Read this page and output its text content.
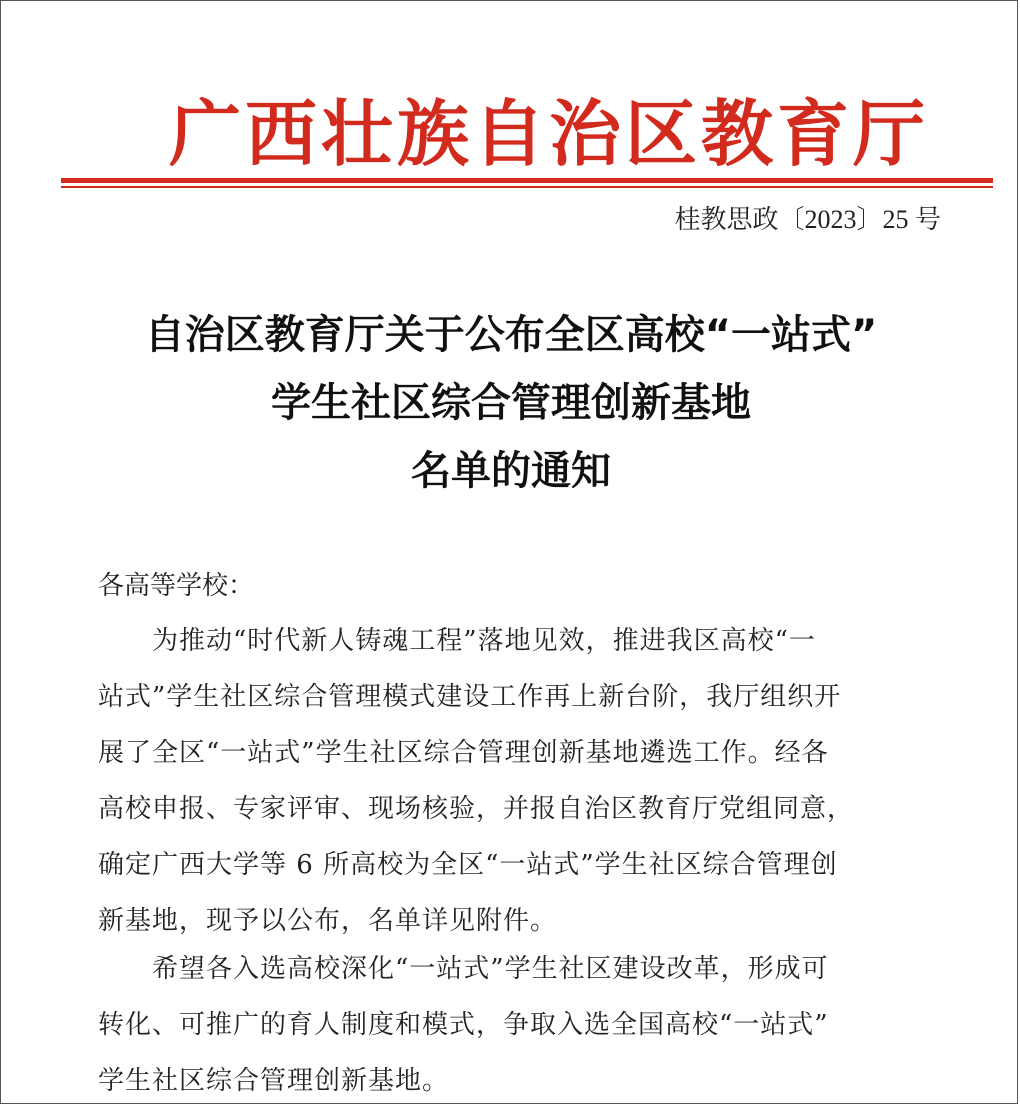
广西壮族自治区教育厅
桂教思政〔2023〕25 号
自治区教育厅关于公布全区高校“一站式”
学生社区综合管理创新基地
名单的通知
各高等学校：
　　为推动“时代新人铸魂工程”落地见效，推进我区高校“一
站式”学生社区综合管理模式建设工作再上新台阶，我厅组织开
展了全区“一站式”学生社区综合管理创新基地遴选工作。经各
高校申报、专家评审、现场核验，并报自治区教育厅党组同意，
确定广西大学等 6 所高校为全区“一站式”学生社区综合管理创
新基地，现予以公布，名单详见附件。
　　希望各入选高校深化“一站式”学生社区建设改革，形成可
转化、可推广的育人制度和模式，争取入选全国高校“一站式”
学生社区综合管理创新基地。
